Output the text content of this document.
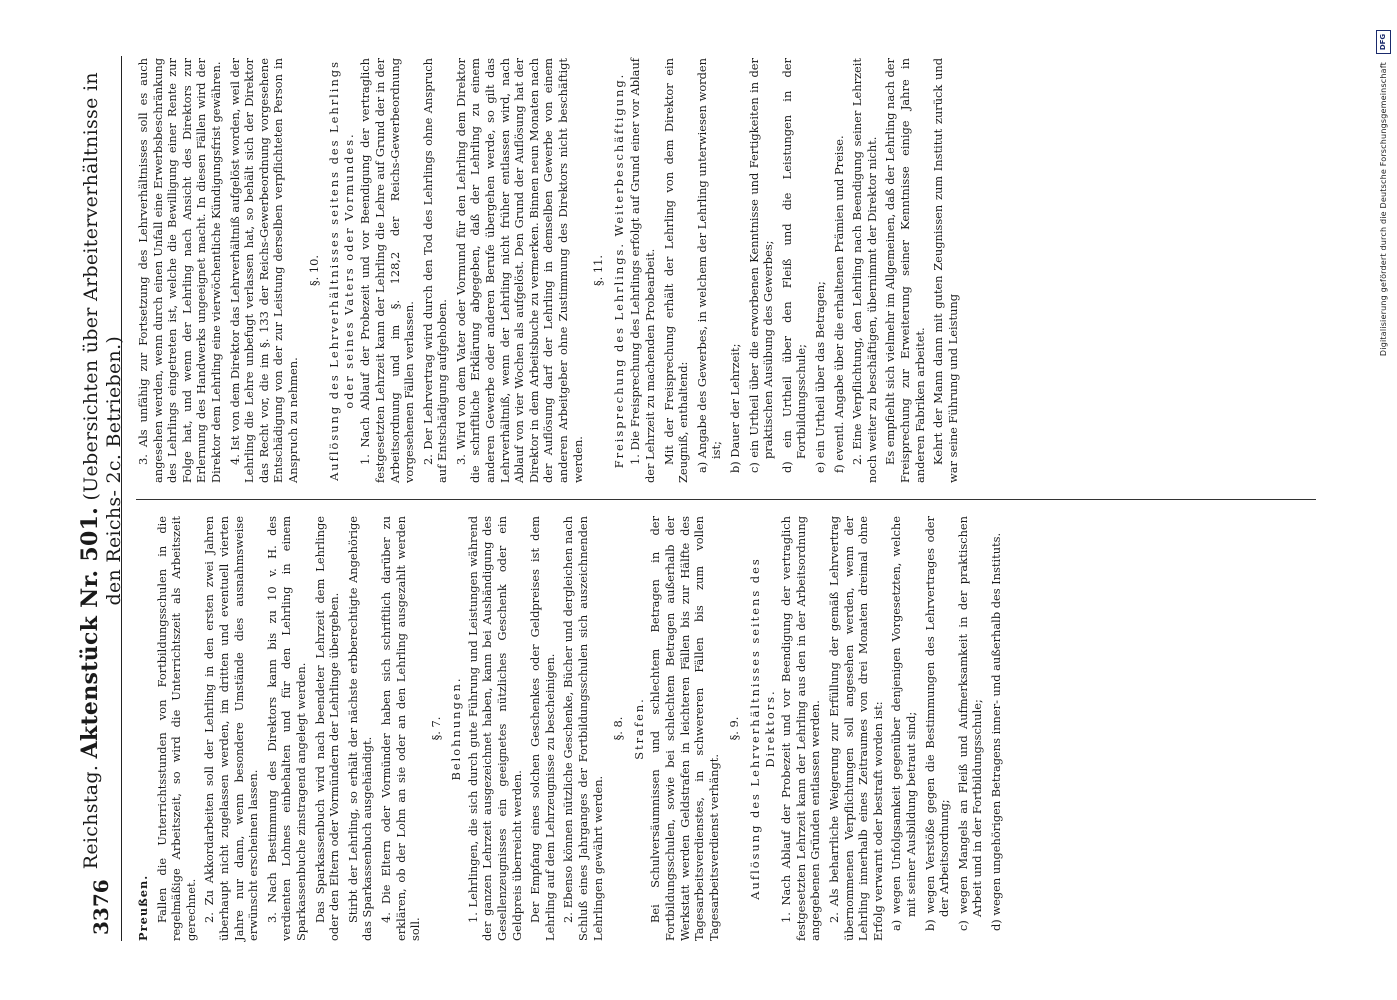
3376
Reichstag. Aktenstück Nr. 501. (Uebersichten über Arbeiterverhältnisse in den Reichs- 2c. Betrieben.)

Preußen. Fallen die Unterrichtsstunden von Fortbildungsschulen in die regelmäßige Arbeitszeit, so wird die Unterrichtszeit als Arbeitszeit gerechnet. 2. Zu Akkordarbeiten soll der Lehrling in den ersten zwei Jahren überhaupt nicht zugelassen werden, im dritten und eventuell vierten Jahre nur dann, wenn besondere Umstände dies ausnahmsweise erwünscht erscheinen lassen. 3. Nach Bestimmung des Direktors kann bis zu 10 v. H. des verdienten Lohnes einbehalten und für den Lehrling in einem Sparkassenbuche zinstragend angelegt werden. Das Sparkassenbuch wird nach beendeter Lehrzeit dem Lehrlinge oder den Eltern oder Vormündern der Lehrlinge übergeben. Stirbt der Lehrling, so erhält der nächste erbberechtigte Angehörige das Sparkassenbuch ausgehändigt. 4. Die Eltern oder Vormünder haben sich schriftlich darüber zu erklären, ob der Lohn an sie oder an den Lehrling ausgezahlt werden soll.

§. 7. Belohnungen. 1. Lehrlingen, die sich durch gute Führung und Leistungen während der ganzen Lehrzeit ausgezeichnet haben, kann bei Aushändigung des Gesellenzeugnisses ein geeignetes nützliches Geschenk oder ein Geldpreis überreicht werden. Der Empfang eines solchen Geschenkes oder Geldpreises ist dem Lehrling auf dem Lehrzeugnisse zu bescheinigen. 2. Ebenso können nützliche Geschenke, Bücher und dergleichen nach Schluß eines Jahrganges der Fortbildungsschulen sich auszeichnenden Lehrlingen gewährt werden.

§. 8. Strafen. Bei Schulversäumnissen und schlechtem Betragen in der Fortbildungsschulen, sowie bei schlechtem Betragen außerhalb der Werkstatt werden Geldstrafen in leichteren Fällen bis zur Hälfte des Tagesarbeitsverdienstes, in schwereren Fällen bis zum vollen Tagesarbeitsverdienst verhängt.

§. 9. Auflösung des Lehrverhältnisses seitens des Direktors. 1. Nach Ablauf der Probezeit und vor Beendigung der vertraglich festgesetzten Lehrzeit kann der Lehrling aus den in der Arbeitsordnung angegebenen Gründen entlassen werden. 2. Als beharrliche Weigerung zur Erfüllung der gemäß Lehrvertrag übernommenen Verpflichtungen soll angesehen werden, wenn der Lehrling innerhalb eines Zeitraumes von drei Monaten dreimal ohne Erfolg verwarnt oder bestraft worden ist: a) wegen Unfolgsamkeit gegenüber denjenigen Vorgesetzten, welche mit seiner Ausbildung betraut sind; b) wegen Verstöße gegen die Bestimmungen des Lehrvertrages oder der Arbeitsordnung; c) wegen Mangels an Fleiß und Aufmerksamkeit in der praktischen Arbeit und in der Fortbildungsschule; d) wegen ungehörigen Betragens inner- und außerhalb des Instituts.

3. Als unfähig zur Fortsetzung des Lehrverhältnisses soll es auch angesehen werden, wenn durch einen Unfall eine Erwerbsbeschränkung des Lehrlings eingetreten ist, welche die Bewilligung einer Rente zur Folge hat, und wenn der Lehrling nach Ansicht des Direktors zur Erlernung des Handwerks ungeeignet macht. In diesen Fällen wird der Direktor dem Lehrling eine vierwöchentliche Kündigungsfrist gewähren. 4. Ist von dem Direktor das Lehrverhältniß aufgelöst worden, weil der Lehrling die Lehre unbefugt verlassen hat, so behält sich der Direktor das Recht vor, die im §. 133 der Reichs-Gewerbeordnung vorgesehene Entschädigung von der zur Leistung derselben verpflichteten Person in Anspruch zu nehmen.

§. 10. Auflösung des Lehrverhältnisses seitens des Lehrlings oder seines Vaters oder Vormundes. 1. Nach Ablauf der Probezeit und vor Beendigung der vertraglich festgesetzten Lehrzeit kann der Lehrling die Lehre auf Grund der in der Arbeitsordnung und im §. 128,2 der Reichs-Gewerbeordnung vorgesehenen Fällen verlassen. 2. Der Lehrvertrag wird durch den Tod des Lehrlings ohne Anspruch auf Entschädigung aufgehoben. 3. Wird von dem Vater oder Vormund für den Lehrling dem Direktor die schriftliche Erklärung abgegeben, daß der Lehrling zu einem anderen Gewerbe oder anderen Berufe übergehen werde, so gilt das Lehrverhältniß, wenn der Lehrling nicht früher entlassen wird, nach Ablauf von vier Wochen als aufgelöst. Den Grund der Auflösung hat der Direktor in dem Arbeitsbuche zu vermerken. Binnen neun Monaten nach der Auflösung darf der Lehrling in demselben Gewerbe von einem anderen Arbeitgeber ohne Zustimmung des Direktors nicht beschäftigt werden.

§. 11. Freisprechung des Lehrlings. Weiterbeschäftigung. 1. Die Freisprechung des Lehrlings erfolgt auf Grund einer vor Ablauf der Lehrzeit zu machenden Probearbeit. Mit der Freisprechung erhält der Lehrling von dem Direktor ein Zeugniß, enthaltend: a) Angabe des Gewerbes, in welchem der Lehrling unterwiesen worden ist; b) Dauer der Lehrzeit; c) ein Urtheil über die erworbenen Kenntnisse und Fertigkeiten in der praktischen Ausübung des Gewerbes; d) ein Urtheil über den Fleiß und die Leistungen in der Fortbildungsschule; e) ein Urtheil über das Betragen; f) eventl. Angabe über die erhaltenen Prämien und Preise. 2. Eine Verpflichtung, den Lehrling nach Beendigung seiner Lehrzeit noch weiter zu beschäftigen, übernimmt der Direktor nicht. Es empfiehlt sich vielmehr im Allgemeinen, daß der Lehrling nach der Freisprechung zur Erweiterung seiner Kenntnisse einige Jahre in anderen Fabriken arbeitet. Kehrt der Mann dann mit guten Zeugnissen zum Institut zurück und war seine Führung und Leistung

DFG
Digitalisierung gefördert durch die Deutsche Forschungsgemeinschaft
